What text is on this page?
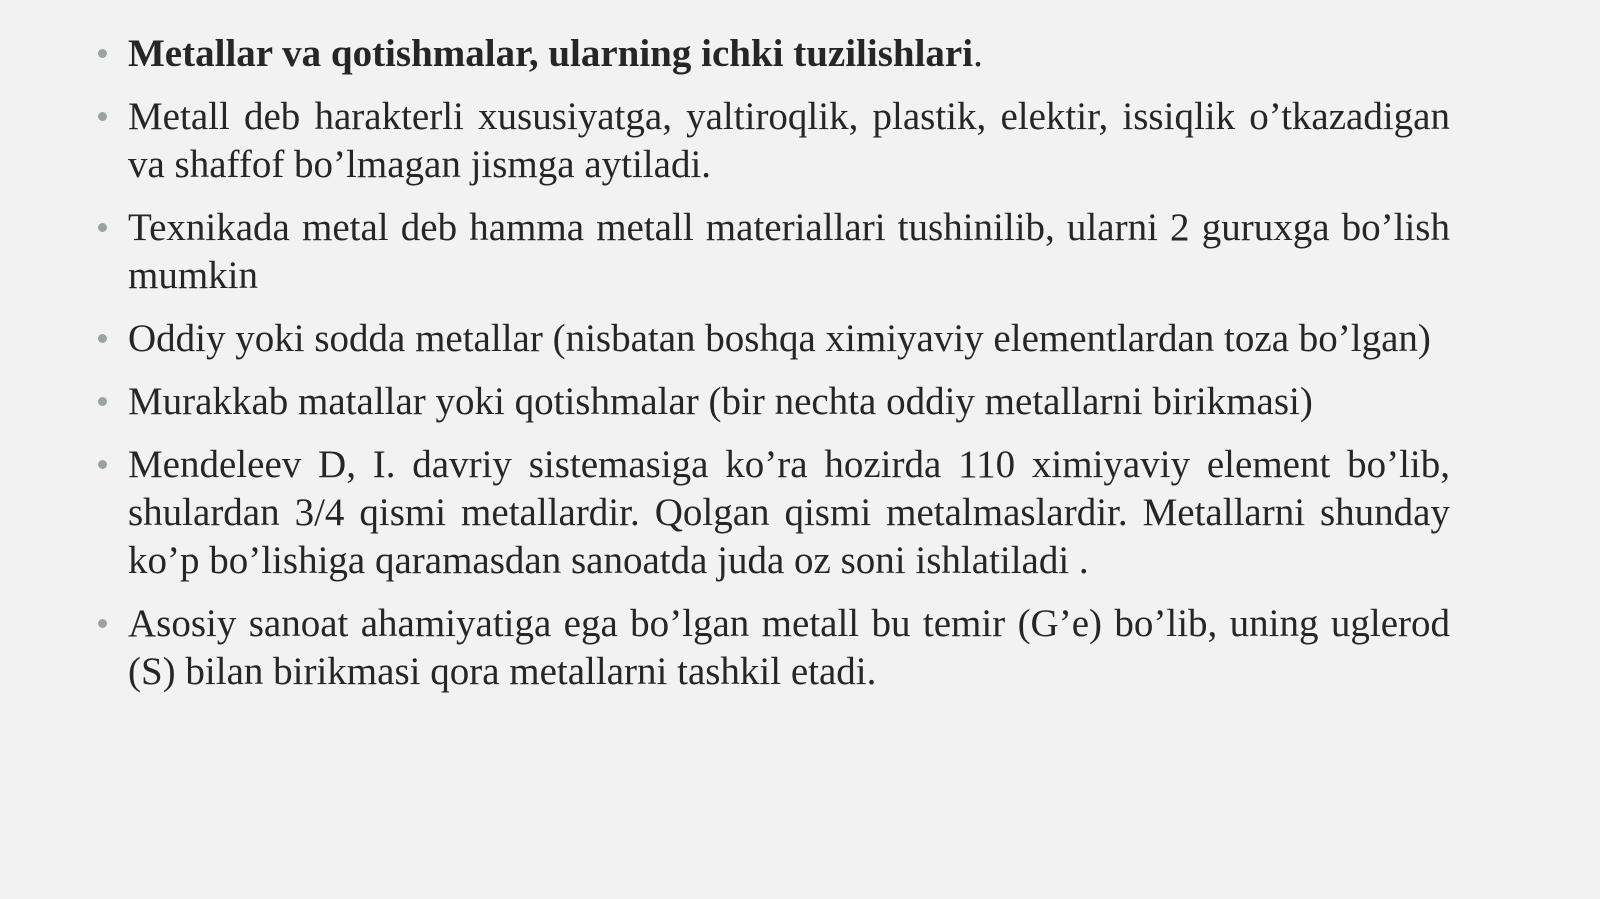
Metallar va qotishmalar, ularning ichki tuzilishlari.
Metall deb harakterli xususiyatga, yaltiroqlik, plastik, elektir, issiqlik o’tkazadigan va shaffof bo’lmagan jismga aytiladi.
Texnikada metal deb hamma metall materiallari tushinilib, ularni 2 guruxga bo’lish mumkin
Oddiy yoki sodda metallar (nisbatan boshqa ximiyaviy elementlardan toza bo’lgan)
Murakkab matallar yoki qotishmalar (bir nechta oddiy metallarni birikmasi)
Mendeleev D, I. davriy sistemasiga ko’ra hozirda 110 ximiyaviy element bo’lib, shulardan 3/4 qismi metallardir. Qolgan qismi metalmaslardir. Metallarni shunday ko’p bo’lishiga qaramasdan sanoatda juda oz soni ishlatiladi .
Asosiy sanoat ahamiyatiga ega bo’lgan metall bu temir (G’e) bo’lib, uning uglerod (S) bilan birikmasi qora metallarni tashkil etadi.
